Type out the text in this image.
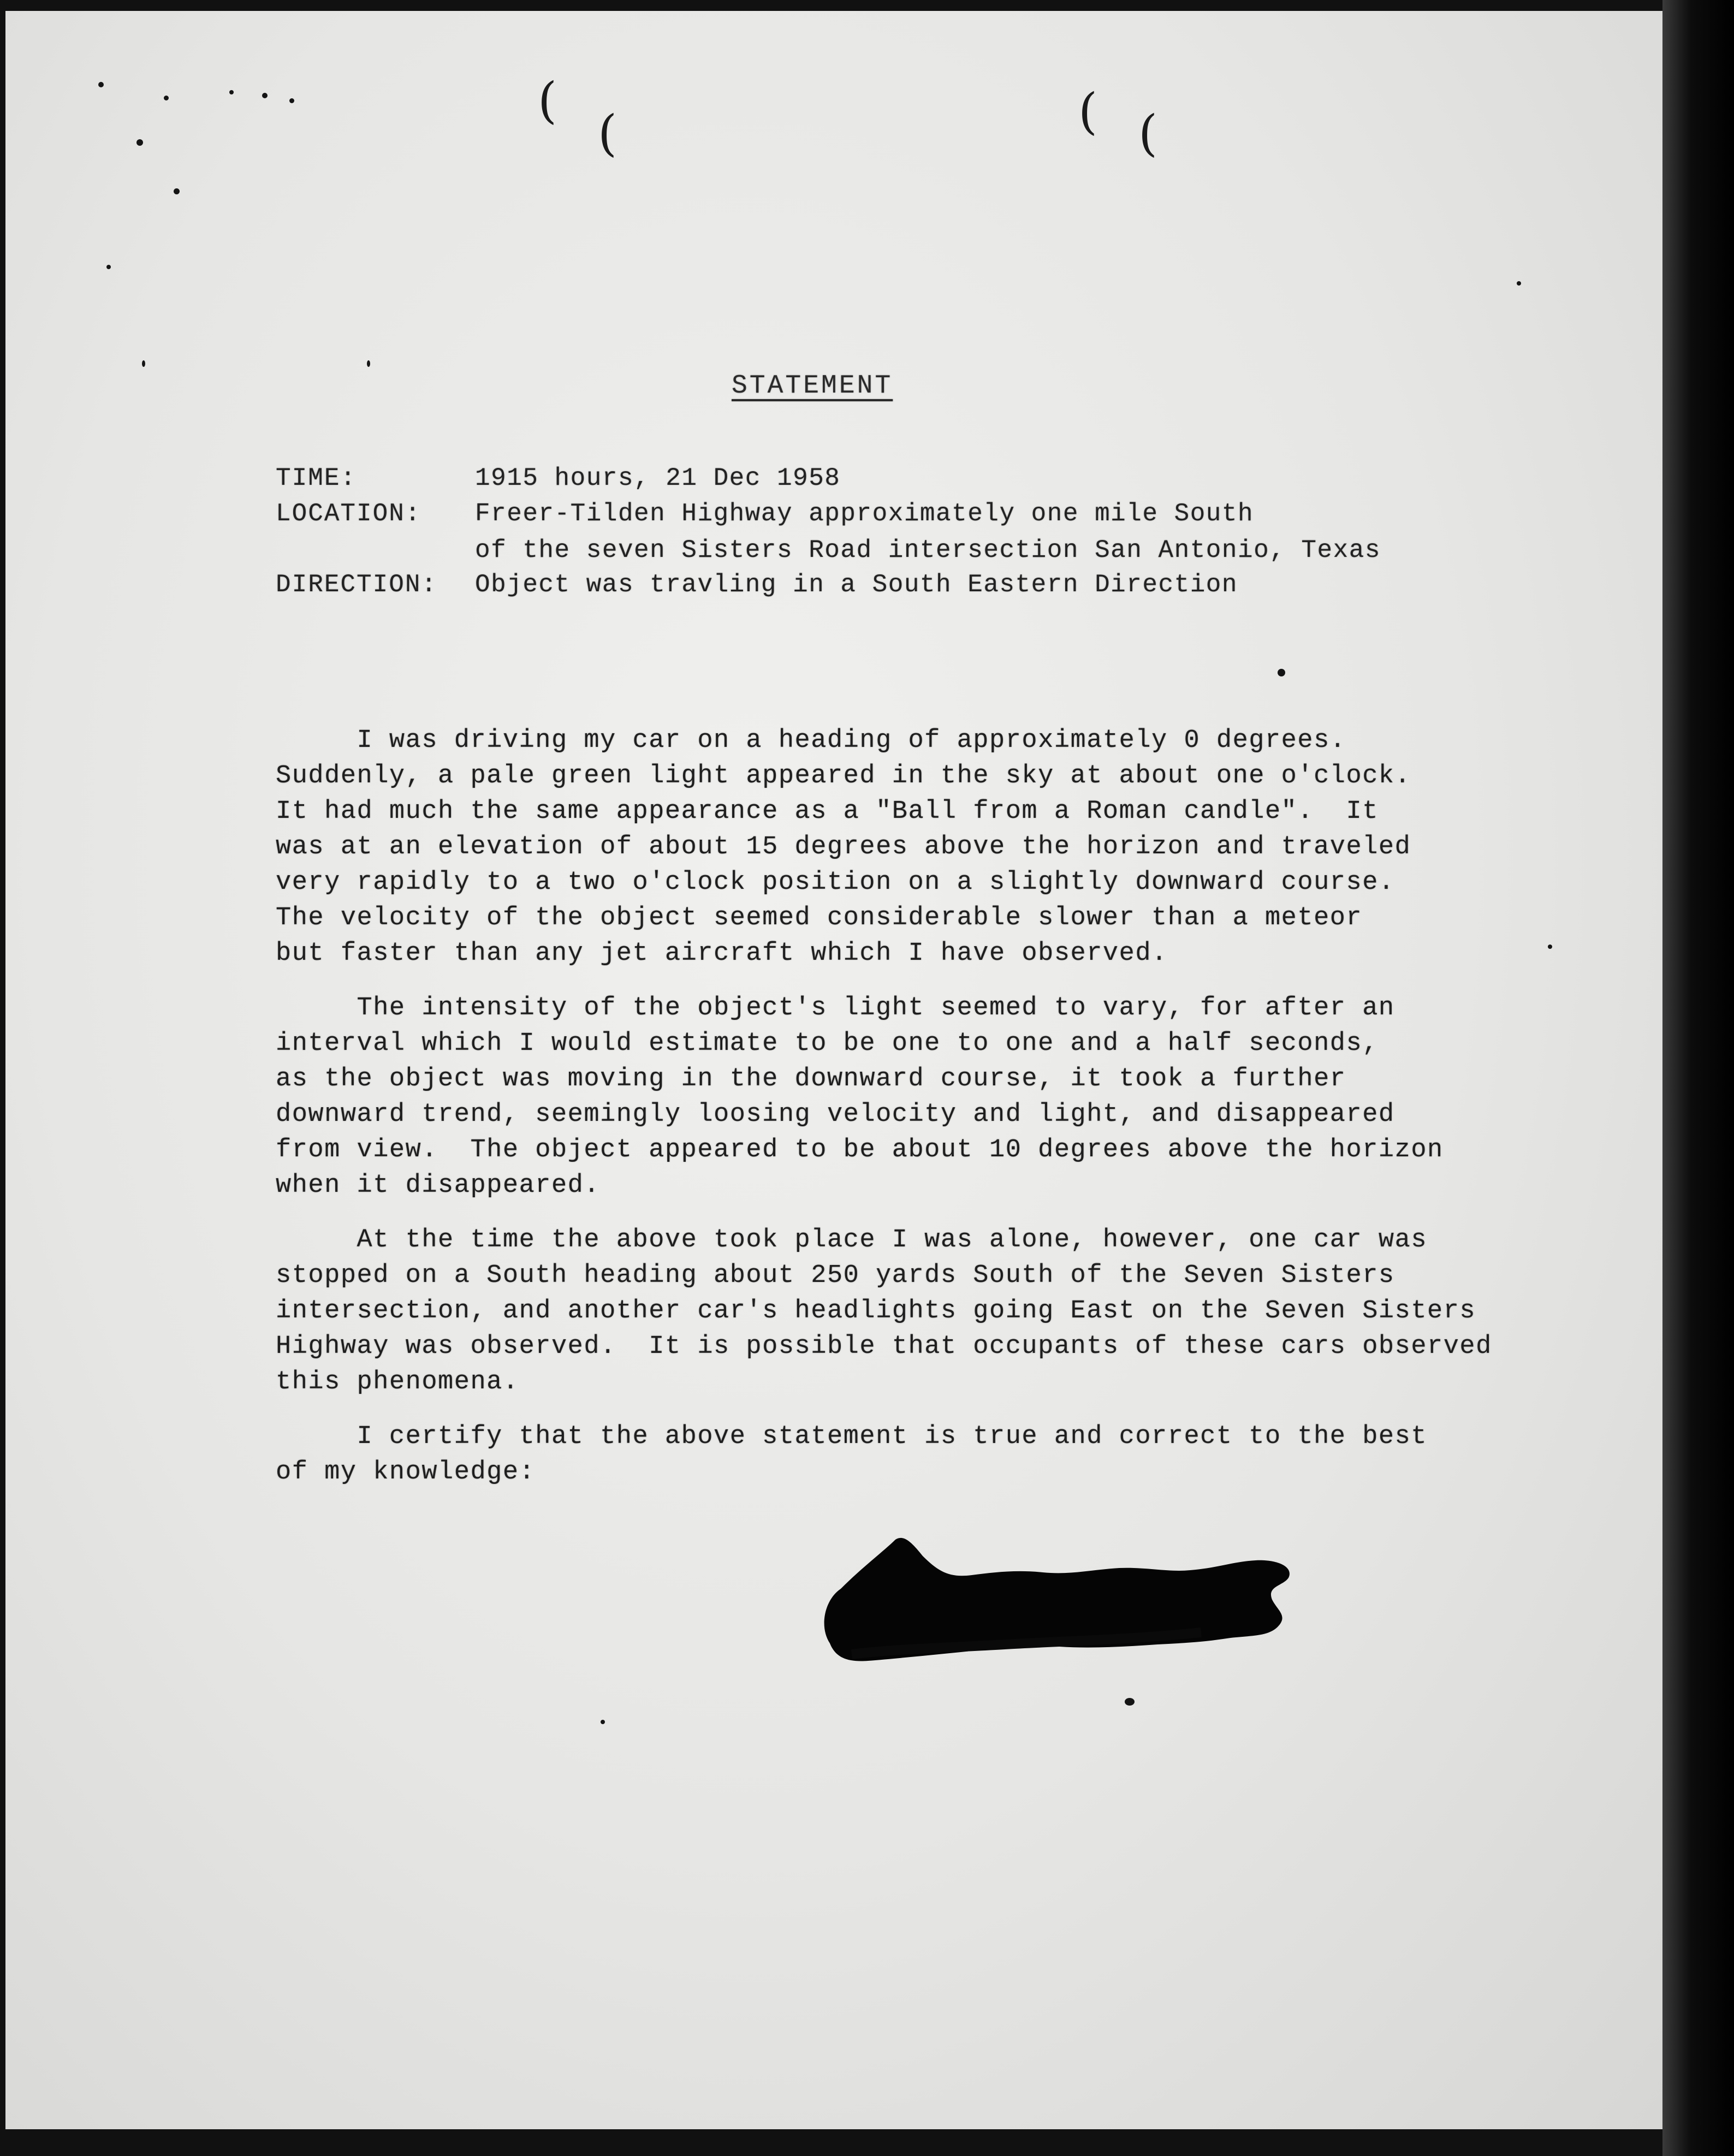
(
(	( (
STATEMENT
TIME:	1915 hours, 21 Dec 1958
LOCATION: Freer-Tilden Highway approximately one mile South
of the seven Sisters Road intersection San Antonio, Texas
DIRECTION: Object was travling in a South Eastern Direction
I was driving my car on a heading of approximately 0 degrees.
Suddenly, a pale green light appeared in the sky at about one o'clock.
It had much the same appearance as a "Ball from a Roman candle".  It
was at an elevation of about 15 degrees above the horizon and traveled
very rapidly to a two o'clock position on a slightly downward course.
The velocity of the object seemed considerable slower than a meteor
but faster than any jet aircraft which I have observed.
The intensity of the object's light seemed to vary, for after an
interval which I would estimate to be one to one and a half seconds,
as the object was moving in the downward course, it took a further
downward trend, seemingly loosing velocity and light, and disappeared
from view.  The object appeared to be about 10 degrees above the horizon
when it disappeared.
At the time the above took place I was alone, however, one car was
stopped on a South heading about 250 yards South of the Seven Sisters
intersection, and another car's headlights going East on the Seven Sisters
Highway was observed.  It is possible that occupants of these cars observed
this phenomena.
I certify that the above statement is true and correct to the best
of my knowledge:
